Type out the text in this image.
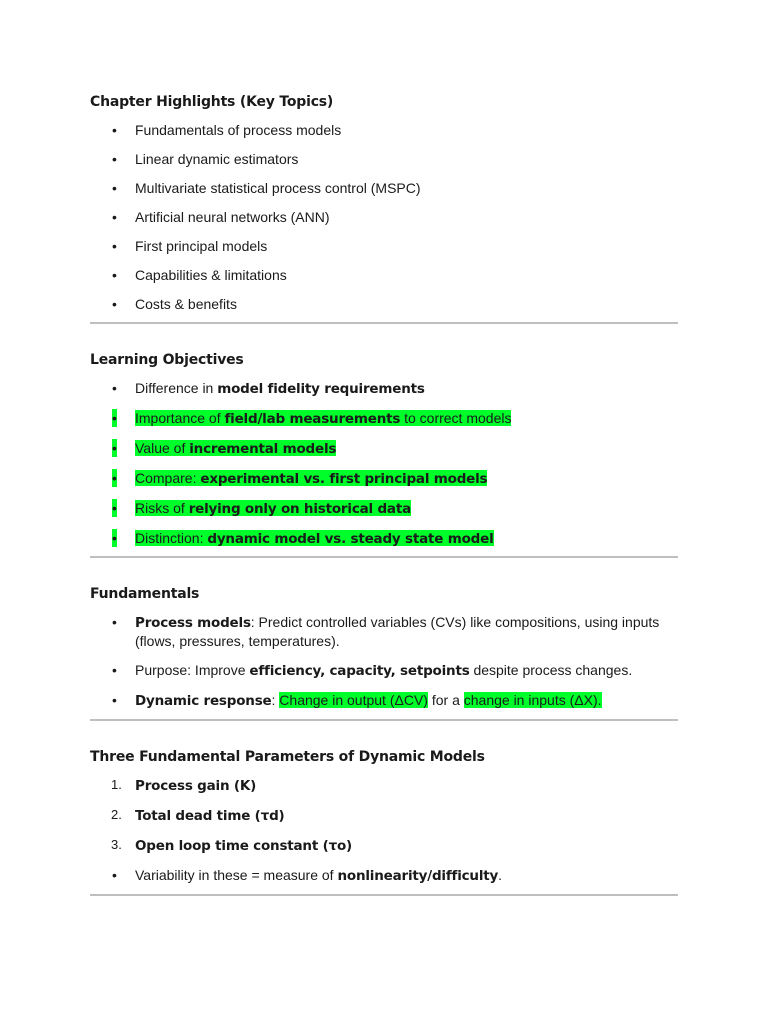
Chapter Highlights (Key Topics)
• Fundamentals of process models
• Linear dynamic estimators
• Multivariate statistical process control (MSPC)
• Artificial neural networks (ANN)
• First principal models
• Capabilities & limitations
• Costs & benefits
Learning Objectives
• Difference in model fidelity requirements
• Importance of field/lab measurements to correct models
• Value of incremental models
• Compare: experimental vs. first principal models
• Risks of relying only on historical data
• Distinction: dynamic model vs. steady state model
Fundamentals
• Process models: Predict controlled variables (CVs) like compositions, using inputs (flows, pressures, temperatures).
• Purpose: Improve efficiency, capacity, setpoints despite process changes.
• Dynamic response: Change in output (ΔCV) for a change in inputs (ΔX).
Three Fundamental Parameters of Dynamic Models
1. Process gain (K)
2. Total dead time (τd)
3. Open loop time constant (τo)
• Variability in these = measure of nonlinearity/difficulty.
